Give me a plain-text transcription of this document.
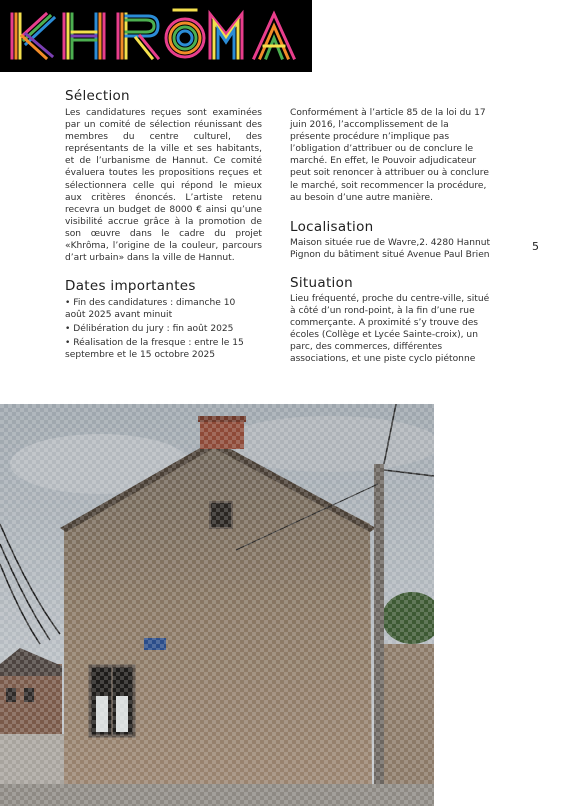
Sélection

Les candidatures reçues sont examinées par un comité de sélection réunissant des membres du centre culturel, des représentants de la ville et ses habitants, et de l’urbanisme de Hannut. Ce comité évaluera toutes les propositions reçues et sélectionnera celle qui répond le mieux aux critères énoncés. L’artiste retenu recevra un budget de 8000 € ainsi qu’une visibilité accrue grâce à la promotion de son œuvre dans le cadre du projet «Khrôma, l’origine de la couleur, parcours d’art urbain» dans la ville de Hannut.

Dates importantes
• Fin des candidatures : dimanche 10 août 2025 avant minuit
• Délibération du jury : fin août 2025
• Réalisation de la fresque : entre le 15 septembre et le 15 octobre 2025

Conformément à l’article 85 de la loi du 17 juin 2016, l’accomplissement de la présente procédure n’implique pas l’obligation d’attribuer ou de conclure le marché. En effet, le Pouvoir adjudicateur peut soit renoncer à attribuer ou à conclure le marché, soit recommencer la procédure, au besoin d’une autre manière.

Localisation

Maison située rue de Wavre,2. 4280 Hannut

Pignon du bâtiment situé Avenue Paul Brien

5
Situation

Lieu fréquenté, proche du centre-ville, situé à côté d’un rond-point, à la fin d’une rue commerçante. A proximité s’y trouve des écoles (Collège et Lycée Sainte-croix), un parc, des commerces, différentes associations, et une piste cyclo piétonne
